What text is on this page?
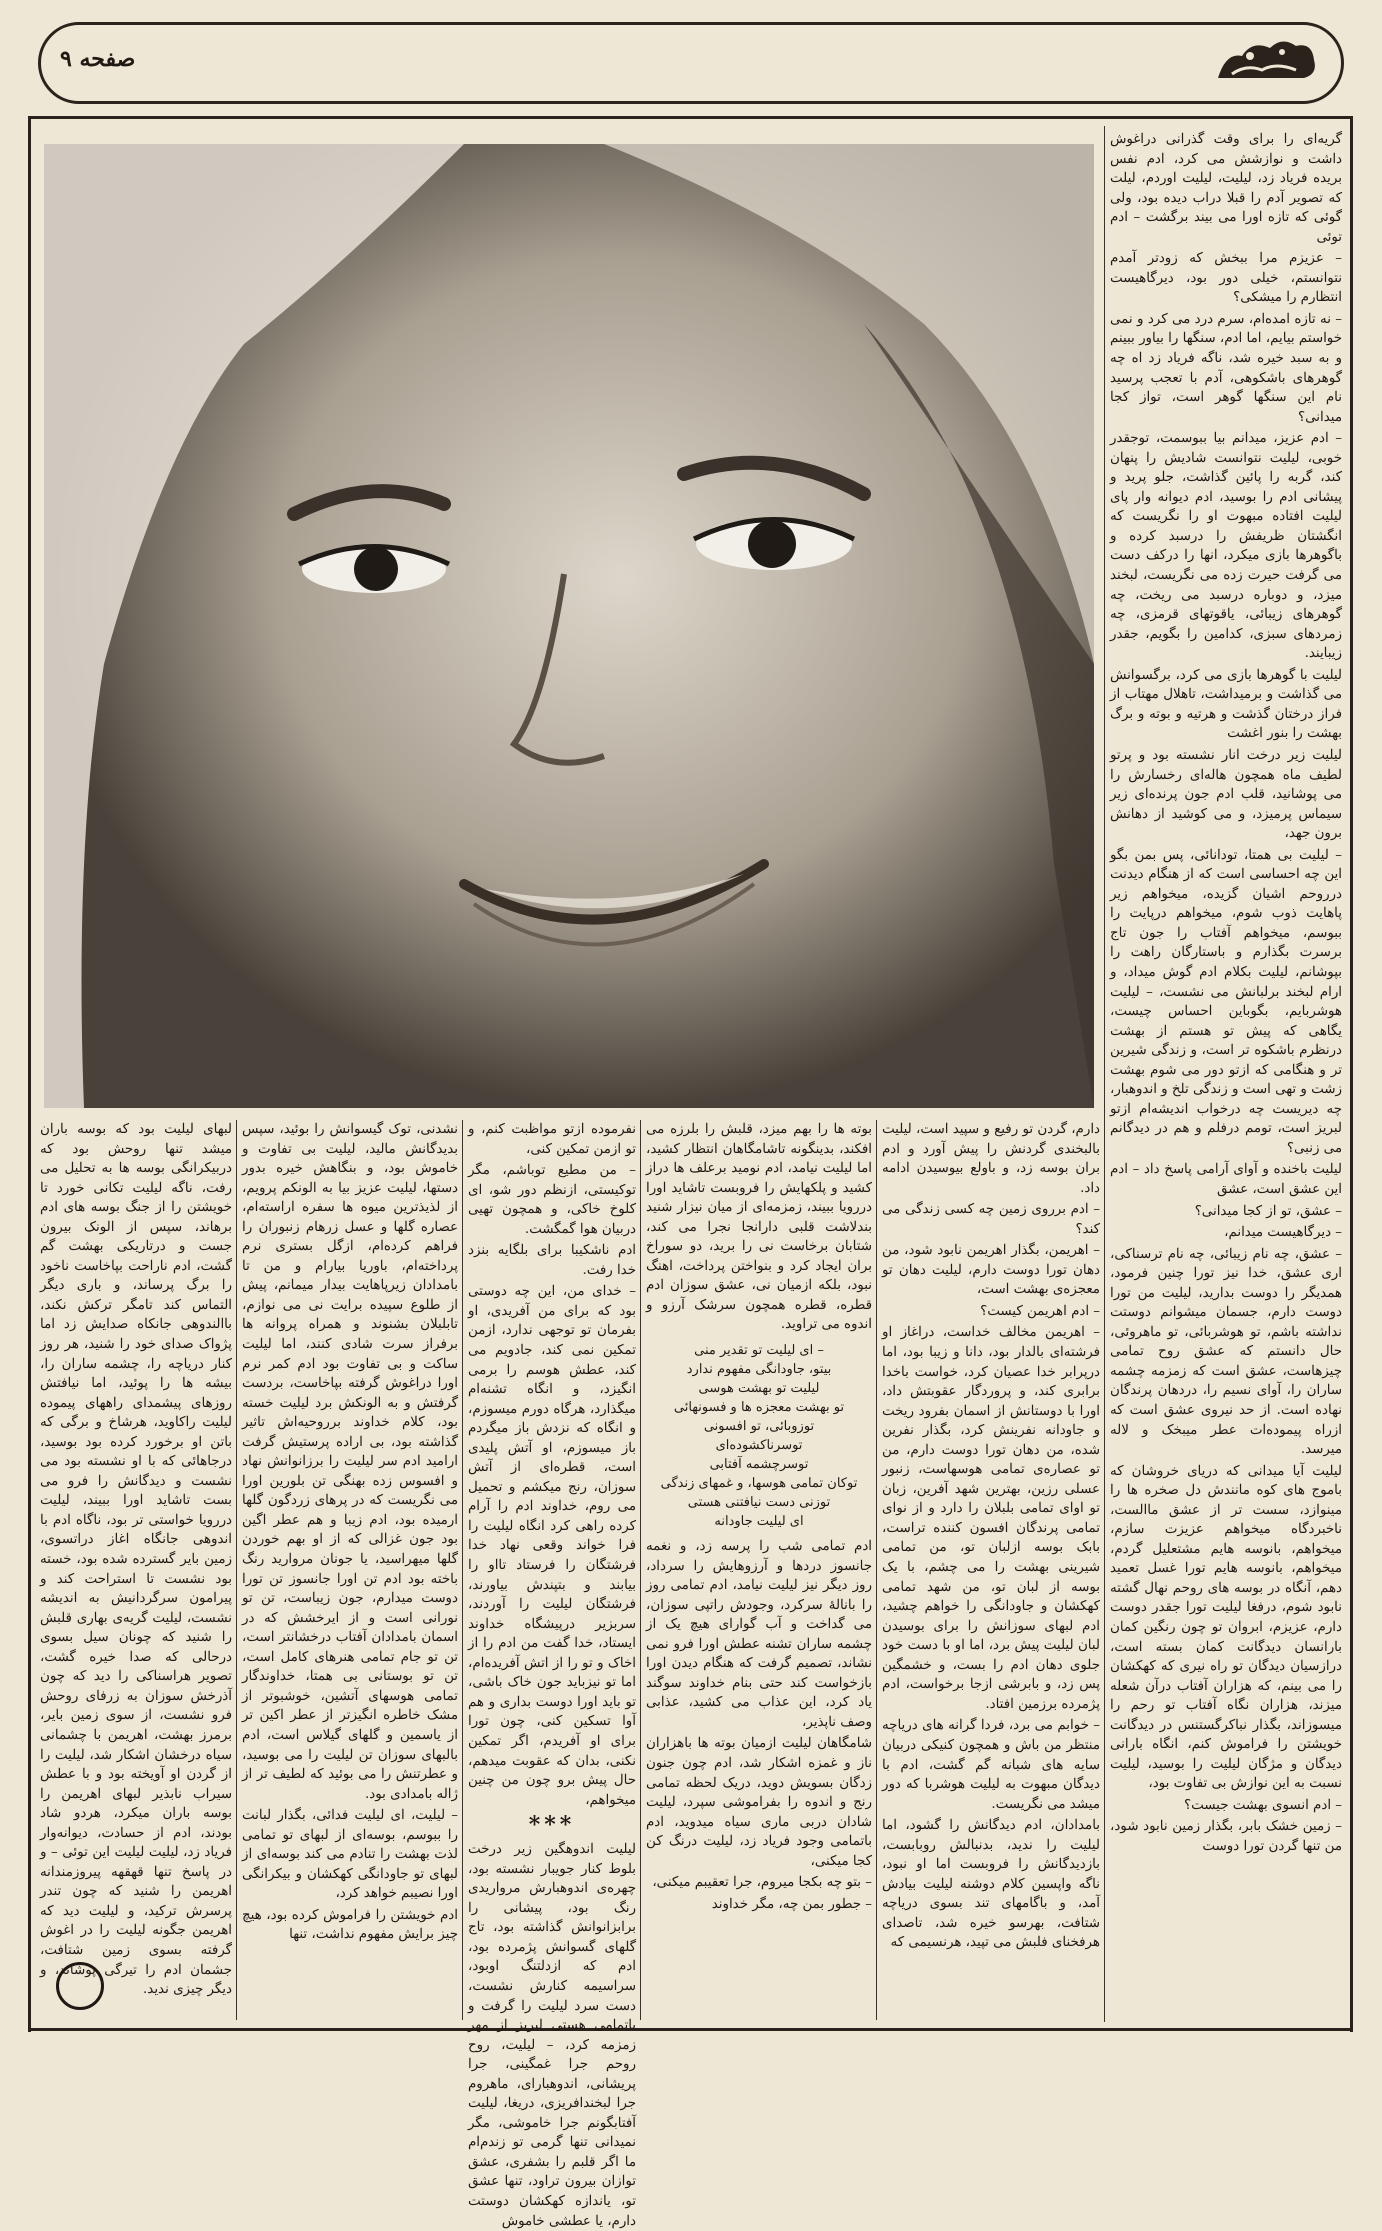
صفحه ۹

گریه‌ای را برای وقت گذرانی دراغوش داشت و نوازشش می کرد، ادم نفس بریده فریاد زد، لیلیت، لیلیت اوردم، لیلت که تصویر آدم را قبلا دراب دیده بود، ولی گوئی که تازه اورا می بیند برگشت – ادم توئی

– عزیزم مرا ببخش که زودتر آمدم نتوانستم، خیلی دور بود، دیرگاهیست انتظارم را میشکی؟

– نه تازه امده‌ام، سرم درد می کرد و نمی خواستم بیایم، اما ادم، سنگها را بیاور ببینم و به سبد خیره شد، ناگه فریاد زد اه چه گوهرهای باشکوهی، آدم با تعجب پرسید نام این سنگها گوهر است، تواز کجا میدانی؟

– ادم عزیز، میدانم بیا ببوسمت، توجقدر خوبی، لیلیت نتوانست شادیش را پنهان کند، گربه را پائین گذاشت، جلو پرید و پیشانی ادم را بوسید، ادم دیوانه وار پای لیلیت افتاده مبهوت او را نگریست که انگشتان ظریفش را درسبد کرده و باگوهرها بازی میکرد، انها را درکف دست می گرفت حیرت زده می نگریست، لبخند میزد، و دوباره درسبد می ریخت، چه گوهرهای زیبائی، یاقوتهای قرمزی، چه زمردهای سبزی، کدامین را بگویم، جقدر زیبایند.

لیلیت با گوهرها بازی می کرد، برگسوانش می گذاشت و برمیداشت، تاهلال مهتاب از فراز درختان گذشت و هرتیه و بوته و برگ بهشت را بنور اغشت

لیلیت زیر درخت انار نشسته بود و پرتو لطیف ماه همچون هاله‌ای رخسارش را می پوشانید، قلب ادم جون پرنده‌ای زیر سیماس پرمیزد، و می کوشید از دهانش برون جهد،

– لیلیت بی همتا، تودانائی، پس بمن بگو این چه احساسی است که از هنگام دیدنت درروحم اشیان گزیده، میخواهم زیر پاهایت ذوب شوم، میخواهم درپایت را ببوسم، میخواهم آفتاب را جون تاج برسرت بگذارم و باستارگان راهت را بپوشانم، لیلیت بکلام ادم گوش میداد، و ارام لبخند برلبانش می نشست، – لیلیت هوشربایم، بگوباین احساس چیست، یگاهی که پیش تو هستم از بهشت درنظرم باشکوه تر است، و زندگی شیرین تر و هنگامی که ازتو دور می شوم بهشت زشت و تهی است و زندگی تلخ و اندوهبار، چه دیریست چه درخواب اندیشه‌ام ازتو لبریز است، تومم درفلم و هم در دیدگانم می زنبی؟

لیلیت باخنده و آوای آرامی پاسخ داد – ادم این عشق است، عشق

– عشق، تو از کجا میدانی؟

– دیرگاهیست میدانم،

– عشق، چه نام زیبائی، چه نام ترسناکی، اری عشق، خدا نیز تورا چنین فرمود، همدیگر را دوست بدارید، لیلیت من تورا دوست دارم، جسمان میشوانم دوستت نداشته باشم، تو هوشربائی، تو ماهروئی، حال دانستم که عشق روح تمامی چیزهاست، عشق است که زمزمه چشمه ساران را، آوای نسیم را، دردهان پرندگان نهاده است. از حد نیروی عشق است که ازراه پیموده‌ات عطر میبخک و لاله میرسد.

لیلیت آیا میدانی که دریای خروشان که باموج های کوه مانندش دل صخره ها را مینوازد، سست تر از عشق ماالست، ناخبردگاه میخواهم عزیزت سازم، میخواهم، بانوسه هایم مشتعلیل گردم، میخواهم، بانوسه هایم تورا غسل تعمید دهم، آنگاه در بوسه های روحم نهال گشته نابود شوم، درفغا لیلیت تورا جقدر دوست دارم، عزیزم، ابروان تو چون رنگین کمان بارانسان دیدگانت کمان بسته است، درازسیان دیدگان تو راه نیری که کهکشان را می بینم، که هزاران آفتاب درآن شعله میزند، هزاران نگاه آفتاب تو رحم را میسوزاند، بگذار نباکرگستنس در دیدگانت خویشتن را فراموش کنم، انگاه بارانی دیدگان و مژگان لیلیت را بوسید، لیلیت نسبت به این نوازش بی تفاوت بود،

– ادم انسوی بهشت جیست؟

– زمین خشک بابر، بگذار زمین نابود شود، من تنها گردن تورا دوست

دارم، گردن تو رفیع و سپید است، لیلیت بالبخندی گردنش را پیش آورد و ادم بران بوسه زد، و باولع بیوسیدن ادامه داد.

– ادم بررو‌ی زمین چه کسی زندگی می کند؟

– اهریمن، بگذار اهریمن نابود شود، من دهان تورا دوست دارم، لیلیت دهان تو معجزه‌ی بهشت است،

– ادم اهریمن کیست؟

– اهریمن مخالف خداست، دراغاز او فرشته‌ای بالدار بود، دانا و زیبا بود، اما درپرابر خدا عصیان کرد، خواست باخدا برابری کند، و پروردگار عقوبتش داد، اورا با دوستانش از اسمان بفرود ریخت و جاودانه نفرینش کرد، بگذار نفرین شده، من دهان تورا دوست دارم، من تو عصاره‌ی تمامی هوسهاست، زنبور عسلی رزین، بهترین شهد آفرین، زبان تو اوای تمامی بلبلان را دارد و از نوای تمامی پرندگان افسون کننده تراست، بابک بوسه ازلبان تو، من تمامی شیرینی بهشت را می چشم، با یک بوسه از لبان تو، من شهد تمامی کهکشان و جاودانگی را خواهم چشید، ادم لبهای سوزانش را برای بوسیدن لبان لیلیت پیش برد، اما او با دست خود جلوی دهان ادم را بست، و خشمگین پس زد، و بابرشی ازجا برخواست، ادم پژمرده برزمین افتاد.

– خوابم می برد، فردا گرانه های دریاچه منتظر من باش و همچون کنیکی دربیان سایه های شبانه گم گشت، ادم با دیدگان مبهوت به لیلیت هوشربا که دور میشد می نگریست.

بامدادان، ادم دیدگانش را گشود، اما لیلیت را ندید، بدنبالش روبابست، بازدیدگانش را فروبست اما او نبود، ناگه واپسین کلام دوشنه لیلیت بیادش آمد، و باگامهای تند بسوی دریاچه شتافت، بهرسو خیره شد، تاصدای هرفخنای فلبش می تپید، هرنسیمی که

بوته ها را بهم میزد، قلبش را بلرزه می افکند، بدینگونه تاشامگاهان انتظار کشید، اما لیلیت نیامد، ادم نومید برعلف ها دراز کشید و پلکهایش را فروبست تاشاید اورا دررویا ببیند، زمزمه‌ای از میان نیزار شنید بندلاشت قلبی دارانجا نجرا می کند، شتابان برخاست نی را برید، دو سوراخ بران ایجاد کرد و بنواختن پرداخت، اهنگ نبود، بلکه ازمیان نی، عشق سوزان ادم قطره، قطره همچون سرشک آرزو و اندوه می تراوید.

– ای لیلیت تو تقدیر منی
بیتو، جاودانگی مفهوم ندارد
لیلیت تو بهشت هوسی
تو بهشت معجزه ها و فسونهائی
توزوبائی، تو افسونی
توسرناکشوده‌ای
توسرچشمه آفتابی
توکان تمامی هوسها، و غمهای زندگی
توزنی دست نیافتنی هستی
ای لیلیت جاودانه

ادم تمامی شب را پرسه زد، و نغمه جانسوز دردها و آرزوهایش را سرداد، روز دیگر نیز لیلیت نیامد، ادم تمامی روز را بانالهٔ سرکرد، وجودش راتپی سوزان، می گداخت و آب گوارای هیچ یک از چشمه ساران تشنه عطش اورا فرو نمی نشاند، تصمیم گرفت که هنگام دیدن اورا بازخواست کند حتی بنام خداوند سوگند یاد کرد، این عذاب می کشید، عذابی وصف ناپذیر،

شامگاهان لیلیت ازمیان بوته ها باهزاران ناز و غمزه اشکار شد، ادم چون جنون زدگان بسویش دوید، دریک لحظه تمامی رنج و اندوه را بفراموشی سپرد، لیلیت شادان دربی ماری سیاه میدوید، ادم باتمامی وجود فریاد زد، لیلیت درنگ کن کجا میکنی،

– بتو چه بکجا میروم، جرا تعقیبم میکنی،

– جطور بمن چه، مگر خداوند

نفرموده ازتو مواظبت کنم، و تو ازمن تمکین کنی،

– من مطیع توباشم، مگر توکیستی، ازنظم دور شو، ای کلوخ خاکی، و همچون تهیی دربیان هوا گمگشت.

ادم ناشکیبا برای بلگایه بنزد خدا رفت.

– خدای من، این چه دوستی بود که برای من آفریدی، او بفرمان تو توجهی ندارد، ازمن تمکین نمی کند، جادویم می کند، عطش هوسم را برمی انگیزد، و انگاه تشنه‌ام میگذارد، هرگاه دورم میسوزم، و انگاه که نزدش باز میگردم باز میسوزم، او آتش پلیدی است، قطره‌ای از آتش سوزان، رنج میکشم و تحمیل می روم، خداوند ادم را آرام کرده راهی کرد انگاه لیلیت را فرا خواند وقعی نهاد خدا فرشتگان را فرستاد تااو را بیابند و بتپندش بیاورند، فرشتگان لیلیت را آوردند، سربزیر درپیشگاه خداوند ایستاد، خدا گفت من ادم را از اخاک و تو را از اتش آفریده‌ام، اما تو نیزباید جون خاک باشی، تو باید اورا دوست بداری و هم آوا تسکین کنی، چون تورا برای او آفریدم، اگر تمکین نکنی، بدان که عقوبت میدهم، حال پیش برو چون من چنین میخواهم،

***

لیلیت اندوهگین زیر درخت بلوط کنار جویبار نشسته بود، چهره‌ی اندوهبارش مرواریدی رنگ بود، پیشانی را برابزانوانش گذاشته بود، تاج گلهای گسوانش پژمرده بود، ادم که ازدلتنگ اوبود، سراسیمه کنارش نشست، دست سرد لیلیت را گرفت و باتمامی هستی لبریز از مهر زمزمه کرد، – لیلیت، روح روحم جرا غمگینی، جرا پریشانی، اندوهبارای، ماهروم جرا لبخندافریزی، دریغا، لیلیت آفتابگونم جرا خاموشی، مگر نمیدانی تنها گرمی تو زندم‌ام ما اگر قلبم را بشفری، عشق توازان بیرون تراود، تنها عشق تو، یاندازه کهکشان دوستت دارم، یا عطشی خاموش

نشدنی، توک گیسوانش را بوئید، سپس بدیدگانش مالید، لیلیت بی تفاوت و خاموش بود، و بنگاهش خیره بدور دستها، لیلیت عزیز بیا به الونکم پرویم، از لذیذترین میوه ها سفره اراسته‌ام، عصاره گلها و عسل زرهام زنبوران را فراهم کرده‌ام، ازگل بستری نرم پرداخته‌ام، باوریا بیارام و من تا بامدادان زیرپاهایت بیدار میمانم، پیش از طلوع سپیده برایت نی می نوازم، تابلبلان بشنوند و همراه پروانه ها برفراز سرت شادی کنند، اما لیلیت ساکت و بی تفاوت بود ادم کمر نرم اورا دراغوش گرفته بپاخاست، بردست گرفتش و به الونکش برد لیلیت خسته بود، کلام خداوند برروحیه‌اش تاثیر گذاشته بود، بی اراده پرستیش گرفت ارامید ادم سر لیلیت را برزانوانش نهاد و افسوس زده بهنگی تن بلورین اورا می نگریست که در پرهای زردگون گلها ارمیده بود، ادم زیبا و هم عطر اگین بود جون غزالی که از او بهم خوردن گلها میهراسید، یا جونان مروارید رنگ باخته بود ادم تن اورا جانسوز تن تورا دوست میدارم، جون زیباست، تن تو نورانی است و از ایرخشش که در اسمان بامدادان آفتاب درخشانتر است، تن تو جام تمامی هنرهای کامل است، تن تو بوستانی بی همتا، خداوندگار تمامی هوسهای آتشین، خوشبوتر از مشک خاطره انگیزتر از عطر اکین تر از یاسمین و گلهای گیلاس است، ادم بالبهای سوزان تن لیلیت را می بوسید، و عطرتنش را می بوئید که لطیف تر از ژاله بامدادی بود.

– لیلیت، ای لیلیت فدائی، بگذار لبانت را ببوسم، بوسه‌ای از لبهای تو تمامی لذت بهشت را تنادم می کند بوسه‌ای از لبهای تو جاودانگی کهکشان و بیکرانگی اورا نصیبم خواهد کرد،

ادم خویشتن را فراموش کرده بود، هیچ چیز برایش مفهوم نداشت، تنها

لبهای لیلیت بود که بوسه باران میشد تنها روحش بود که دربیکرانگی بوسه ها به تحلیل می رفت، ناگه لیلیت تکانی خورد تا خویشتن را از جنگ بوسه های ادم برهاند، سپس از الونک بیرون جست و درتاریکی بهشت گم گشت، ادم ناراحت بپاخاست ناخود را برگ پرساند، و باری دیگر التماس کند تامگر ترکش نکند، باالندوهی جانکاه صدایش زد اما پژواک صدای خود را شنید، هر روز کنار دریاچه را، چشمه ساران را، بیشه ها را پوئید، اما نیافتش روزهای پیشمدای راههای پیموده لیلیت راکاوید، هرشاخ و برگی که باتن او برخورد کرده بود بوسید، درجاهائی که با او نشسته بود می نشست و دیدگانش را فرو می بست تاشاید اورا ببیند، لیلیت دررویا خواستی تر بود، ناگاه ادم با اندوهی جانگاه اغاز دراتسوی، زمین بایر گسترده شده بود، خسته بود نشست تا استراحت کند و پیرامون سرگردانیش به اندیشه نشست، لیلیت گریه‌ی بهاری قلبش را شنید که چونان سیل بسوی درحالی که صدا خیره گشت، تصویر هراسناکی را دید که چون آذرخش سوزان به زرفای روحش فرو نشست، از سوی زمین بایر، برمرز بهشت، اهریمن با چشمانی سیاه درخشان اشکار شد، لیلیت را از گردن او آویخته بود و با عطش سیراب نابذیر لبهای اهریمن را بوسه باران میکرد، هردو شاد بودند، ادم از حسادت، دیوانه‌وار فریاد زد، لیلیت لیلیت این توئی – و در پاسخ تنها قهقهه پیروزمندانه اهریمن را شنید که چون تندر پرسرش ترکید، و لیلیت دید که اهریمن جگونه لیلیت را در اغوش گرفته بسوی زمین شتافت، جشمان ادم را تیرگی پوشاند، و دیگر چیزی ندید.
